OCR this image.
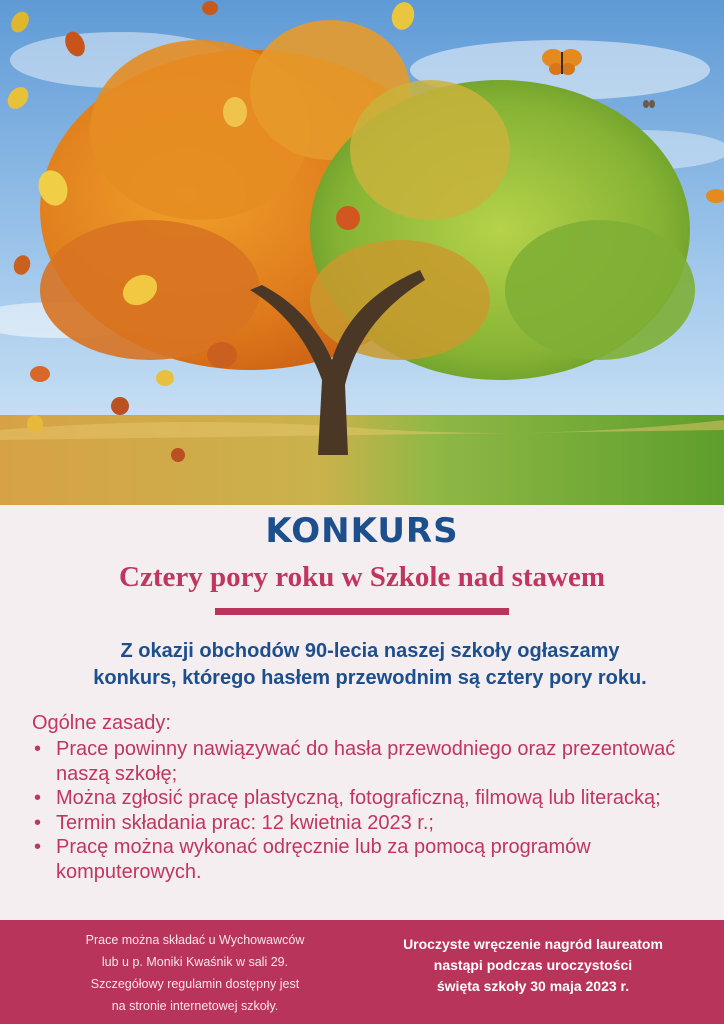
KONKURS
Cztery pory roku w Szkole nad stawem
Z okazji obchodów 90-lecia naszej szkoły ogłaszamy
konkurs, którego hasłem przewodnim są cztery pory roku.
Ogólne zasady:
• Prace powinny nawiązywać do hasła przewodniego oraz prezentować naszą szkołę;
• Można zgłosić pracę plastyczną, fotograficzną, filmową lub literacką;
• Termin składania prac: 12 kwietnia 2023 r.;
• Pracę można wykonać odręcznie lub za pomocą programów komputerowych.
Prace można składać u Wychowawców
lub u p. Moniki Kwaśnik w sali 29.
Szczegółowy regulamin dostępny jest
na stronie internetowej szkoły.
Uroczyste wręczenie nagród laureatom
nastąpi podczas uroczystości
święta szkoły 30 maja 2023 r.
